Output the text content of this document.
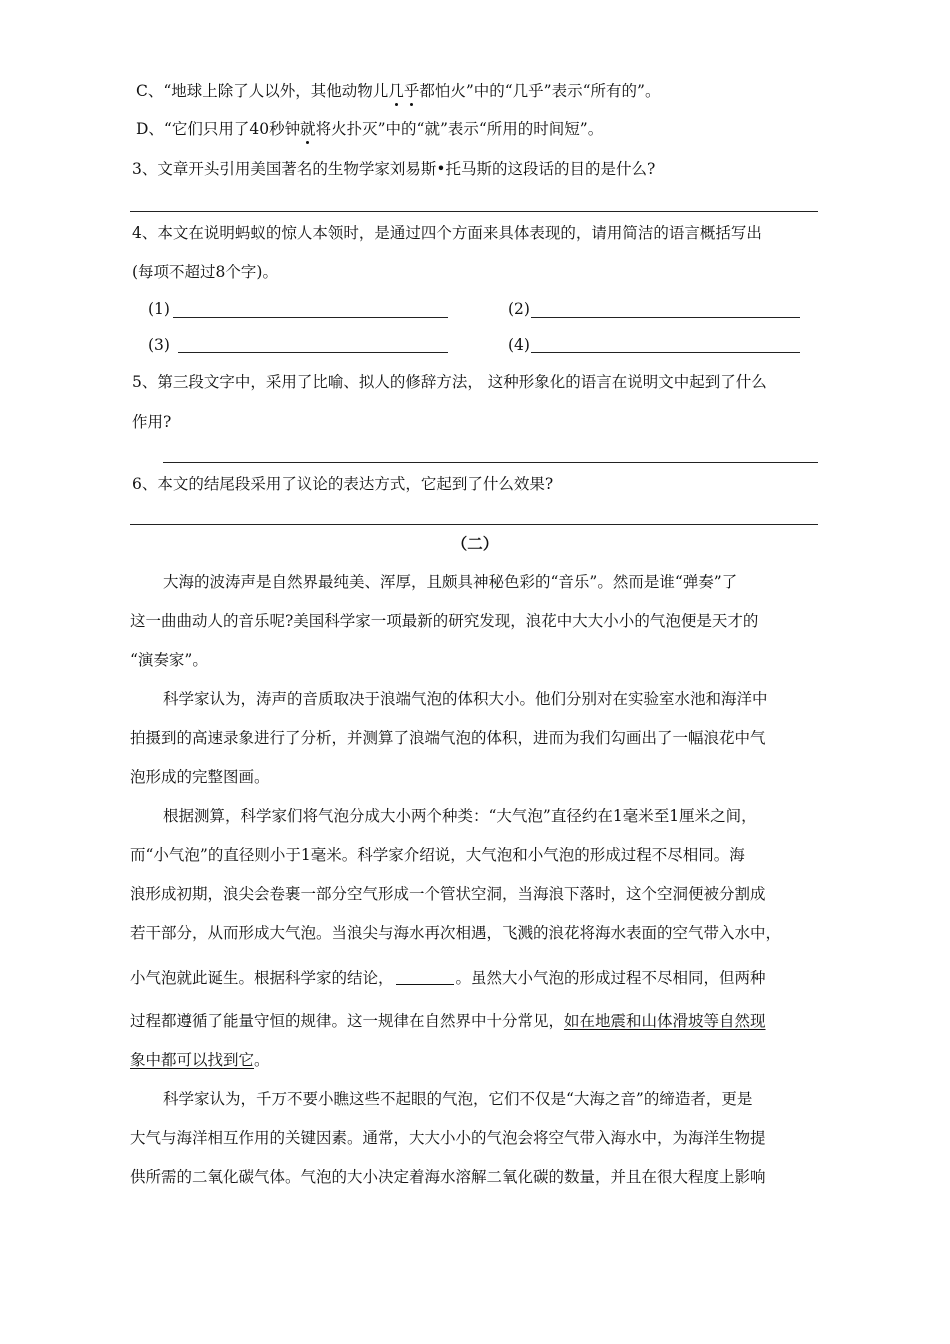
C、“地球上除了人以外，其他动物儿几乎都怕火”中的“几乎”表示“所有的”。
D、“它们只用了40秒钟就将火扑灭”中的“就”表示“所用的时间短”。
3、文章开头引用美国著名的生物学家刘易斯•托马斯的这段话的目的是什么?
4、本文在说明蚂蚁的惊人本领时，是通过四个方面来具体表现的，请用简洁的语言概括写出
(每项不超过8个字)。
(1)	(2)
(3)	(4)
5、第三段文字中，采用了比喻、拟人的修辞方法， 这种形象化的语言在说明文中起到了什么
作用?
6、本文的结尾段采用了议论的表达方式，它起到了什么效果?
（二）
大海的波涛声是自然界最纯美、浑厚，且颇具神秘色彩的“音乐”。然而是谁“弹奏”了
这一曲曲动人的音乐呢?美国科学家一项最新的研究发现，浪花中大大小小的气泡便是天才的
“演奏家”。
科学家认为，涛声的音质取决于浪端气泡的体积大小。他们分别对在实验室水池和海洋中
拍摄到的高速录象进行了分析，并测算了浪端气泡的体积，进而为我们勾画出了一幅浪花中气
泡形成的完整图画。
根据测算，科学家们将气泡分成大小两个种类：“大气泡”直径约在1毫米至1厘米之间，
而“小气泡”的直径则小于1毫米。科学家介绍说，大气泡和小气泡的形成过程不尽相同。海
浪形成初期，浪尖会卷裹一部分空气形成一个管状空洞，当海浪下落时，这个空洞便被分割成
若干部分，从而形成大气泡。当浪尖与海水再次相遇，飞溅的浪花将海水表面的空气带入水中，
小气泡就此诞生。根据科学家的结论，	。虽然大小气泡的形成过程不尽相同，但两种
过程都遵循了能量守恒的规律。这一规律在自然界中十分常见，如在地震和山体滑坡等自然现
象中都可以找到它。
科学家认为，千万不要小瞧这些不起眼的气泡，它们不仅是“大海之音”的缔造者，更是
大气与海洋相互作用的关键因素。通常，大大小小的气泡会将空气带入海水中，为海洋生物提
供所需的二氧化碳气体。气泡的大小决定着海水溶解二氧化碳的数量，并且在很大程度上影响
